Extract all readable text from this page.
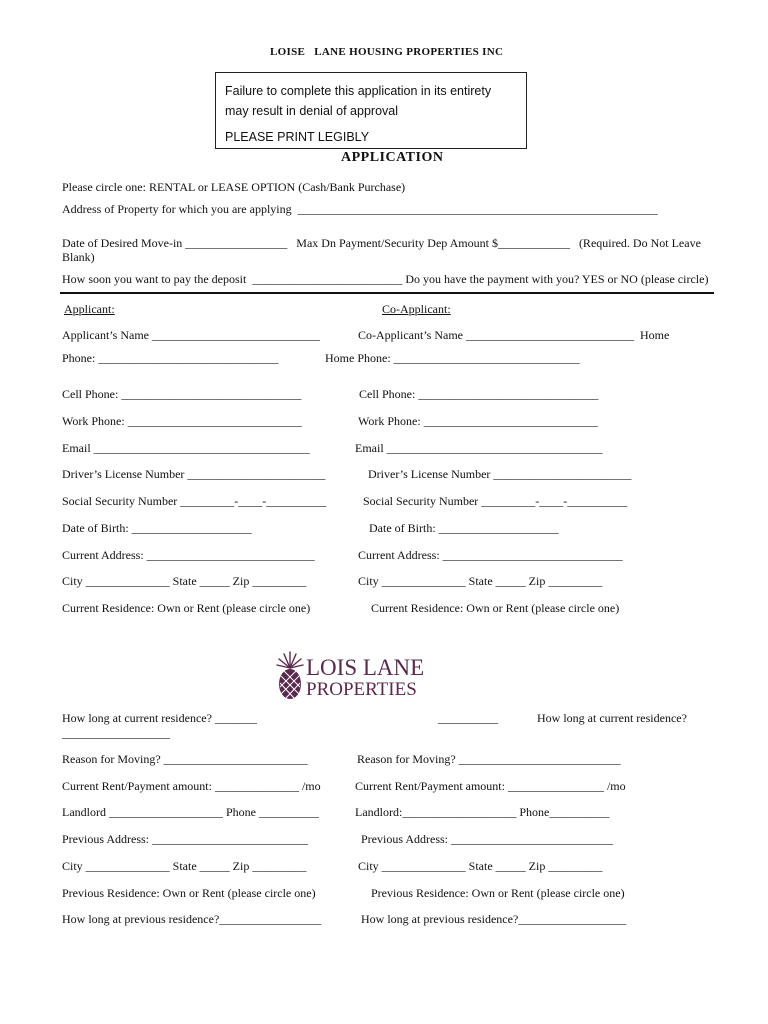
LOISE   LANE HOUSING PROPERTIES INC
Failure to complete this application in its entirety
may result in denial of approval
PLEASE PRINT LEGIBLY
APPLICATION
Please circle one: RENTAL or LEASE OPTION (Cash/Bank Purchase)
Address of Property for which you are applying  ____________________________________________________________
Date of Desired Move-in _________________   Max Dn Payment/Security Dep Amount $____________   (Required. Do Not Leave
Blank)
How soon you want to pay the deposit  _________________________ Do you have the payment with you? YES or NO (please circle)
Applicant:	Co-Applicant:
Applicant’s Name ____________________________
Phone: ______________________________
Cell Phone: ______________________________
Work Phone: _____________________________
Email ____________________________________
Driver’s License Number _______________________
Social Security Number _________-____-__________
Date of Birth: ____________________
Current Address: ____________________________
City ______________ State _____ Zip _________
Current Residence: Own or Rent (please circle one)
Co-Applicant’s Name ____________________________  Home
Home Phone: _______________________________
Cell Phone: ______________________________
Work Phone: _____________________________
Email ____________________________________
Driver’s License Number _______________________
Social Security Number _________-____-__________
Date of Birth: ____________________
Current Address: ______________________________
City ______________ State _____ Zip _________
Current Residence: Own or Rent (please circle one)
LOIS LANE
PROPERTIES
How long at current residence? _______
__________________
Reason for Moving? ________________________
Current Rent/Payment amount: ______________ /mo
Landlord ___________________ Phone __________
Previous Address: __________________________
City ______________ State _____ Zip _________
Previous Residence: Own or Rent (please circle one)
How long at previous residence?_________________
__________	How long at current residence?
Reason for Moving? ___________________________
Current Rent/Payment amount: ________________ /mo
Landlord:___________________ Phone__________
Previous Address: ___________________________
City ______________ State _____ Zip _________
Previous Residence: Own or Rent (please circle one)
How long at previous residence?__________________
